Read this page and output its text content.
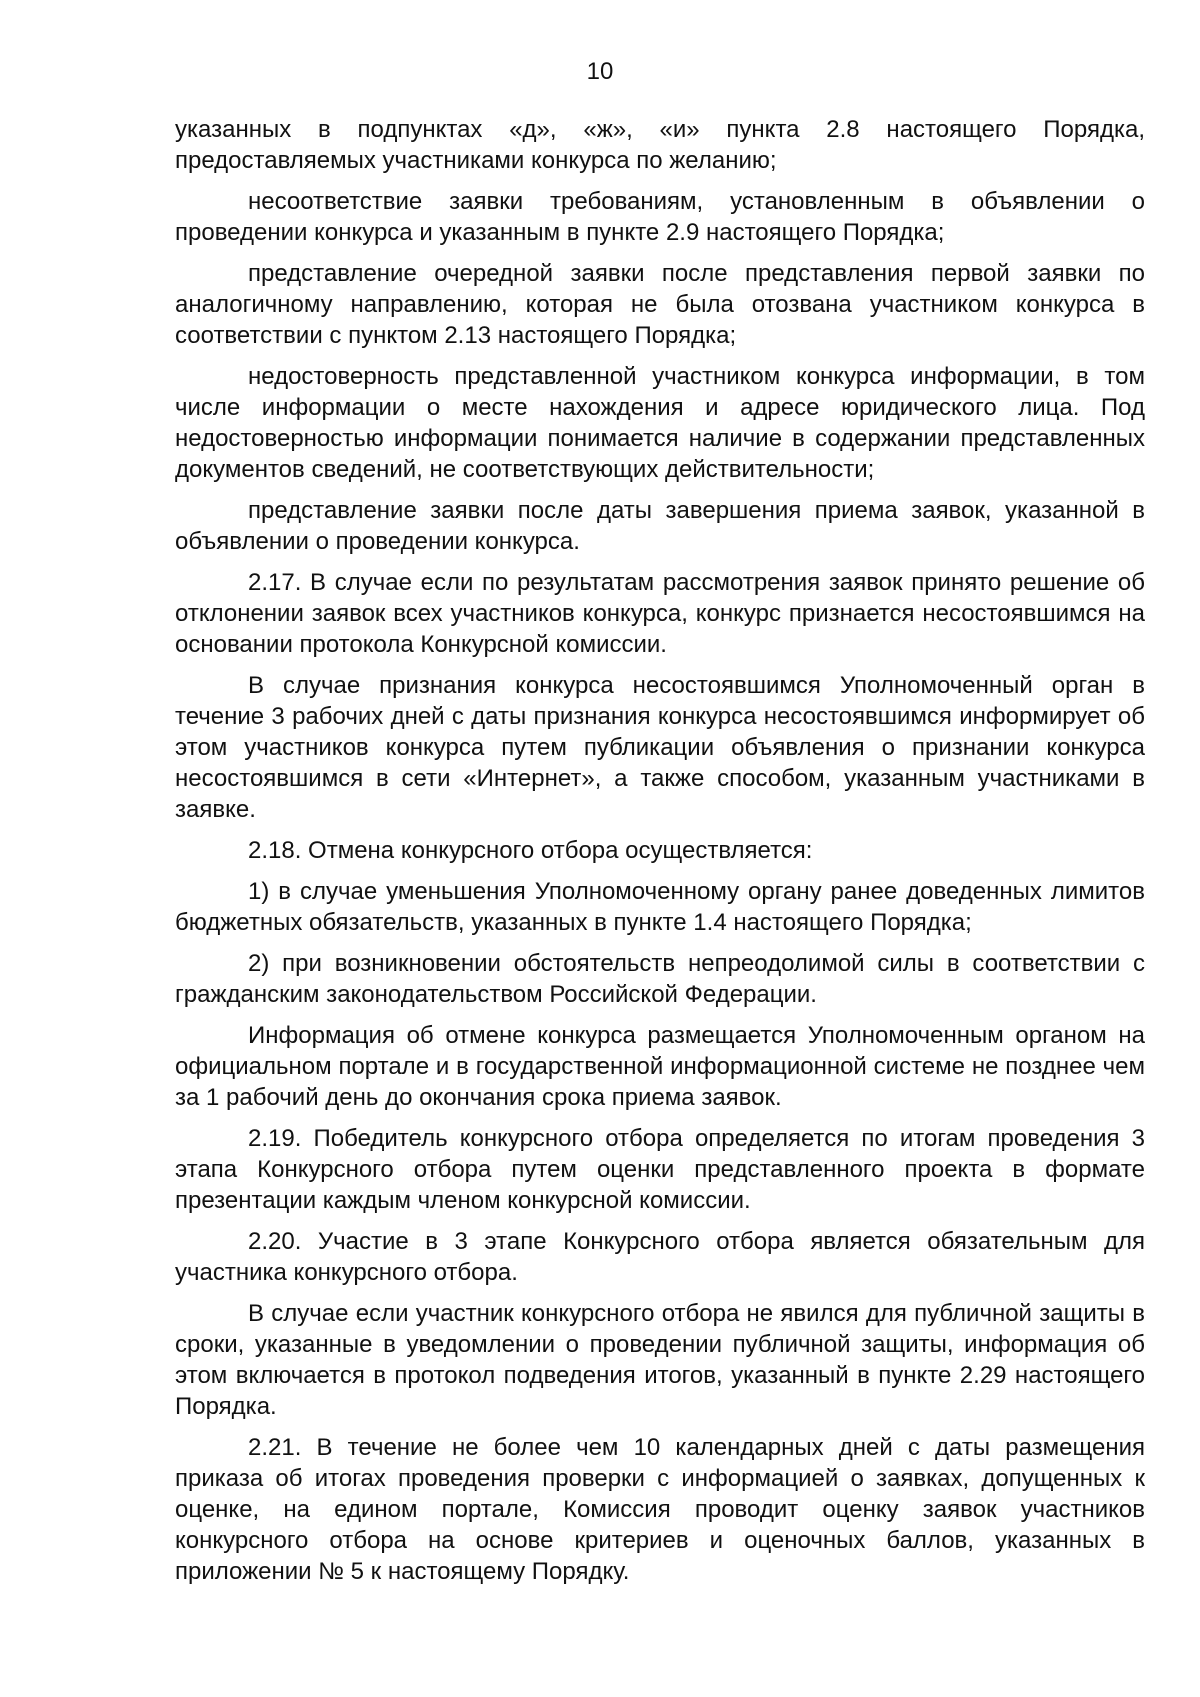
10

указанных в подпунктах «д», «ж», «и» пункта 2.8 настоящего Порядка, предоставляемых участниками конкурса по желанию;

несоответствие заявки требованиям, установленным в объявлении о проведении конкурса и указанным в пункте 2.9 настоящего Порядка;

представление очередной заявки после представления первой заявки по аналогичному направлению, которая не была отозвана участником конкурса в соответствии с пунктом 2.13 настоящего Порядка;

недостоверность представленной участником конкурса информации, в том числе информации о месте нахождения и адресе юридического лица. Под недостоверностью информации понимается наличие в содержании представленных документов сведений, не соответствующих действительности;

представление заявки после даты завершения приема заявок, указанной в объявлении о проведении конкурса.

2.17. В случае если по результатам рассмотрения заявок принято решение об отклонении заявок всех участников конкурса, конкурс признается несостоявшимся на основании протокола Конкурсной комиссии.

В случае признания конкурса несостоявшимся Уполномоченный орган в течение 3 рабочих дней с даты признания конкурса несостоявшимся информирует об этом участников конкурса путем публикации объявления о признании конкурса несостоявшимся в сети «Интернет», а также способом, указанным участниками в заявке.

2.18. Отмена конкурсного отбора осуществляется:

1) в случае уменьшения Уполномоченному органу ранее доведенных лимитов бюджетных обязательств, указанных в пункте 1.4 настоящего Порядка;

2) при возникновении обстоятельств непреодолимой силы в соответствии с гражданским законодательством Российской Федерации.

Информация об отмене конкурса размещается Уполномоченным органом на официальном портале и в государственной информационной системе не позднее чем за 1 рабочий день до окончания срока приема заявок.

2.19. Победитель конкурсного отбора определяется по итогам проведения 3 этапа Конкурсного отбора путем оценки представленного проекта в формате презентации каждым членом конкурсной комиссии.

2.20. Участие в 3 этапе Конкурсного отбора является обязательным для участника конкурсного отбора.

В случае если участник конкурсного отбора не явился для публичной защиты в сроки, указанные в уведомлении о проведении публичной защиты, информация об этом включается в протокол подведения итогов, указанный в пункте 2.29 настоящего Порядка.

2.21. В течение не более чем 10 календарных дней с даты размещения приказа об итогах проведения проверки с информацией о заявках, допущенных к оценке, на едином портале, Комиссия проводит оценку заявок участников конкурсного отбора на основе критериев и оценочных баллов, указанных в приложении № 5 к настоящему Порядку.
